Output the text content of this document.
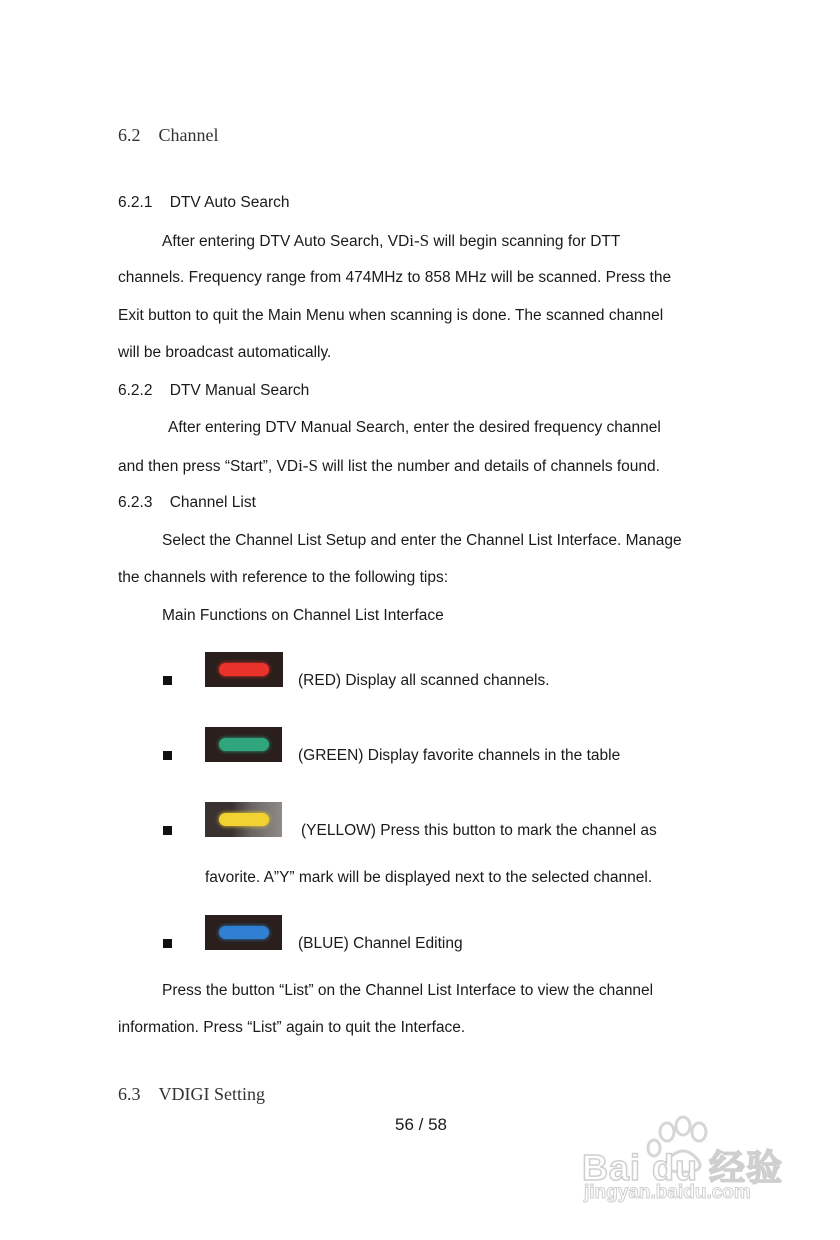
6.2 Channel
6.2.1 DTV Auto Search
After entering DTV Auto Search, VDi-S will begin scanning for DTT
channels. Frequency range from 474MHz to 858 MHz will be scanned. Press the
Exit button to quit the Main Menu when scanning is done. The scanned channel
will be broadcast automatically.
6.2.2 DTV Manual Search
After entering DTV Manual Search, enter the desired frequency channel
and then press “Start”, VDi-S will list the number and details of channels found.
6.2.3 Channel List
Select the Channel List Setup and enter the Channel List Interface. Manage
the channels with reference to the following tips:
Main Functions on Channel List Interface
(RED) Display all scanned channels.
(GREEN) Display favorite channels in the table
(YELLOW) Press this button to mark the channel as
favorite. A”Y” mark will be displayed next to the selected channel.
(BLUE) Channel Editing
Press the button “List” on the Channel List Interface to view the channel
information. Press “List” again to quit the Interface.
6.3 VDIGI Setting
56 / 58
Bai du 经验
jingyan.baidu.com
